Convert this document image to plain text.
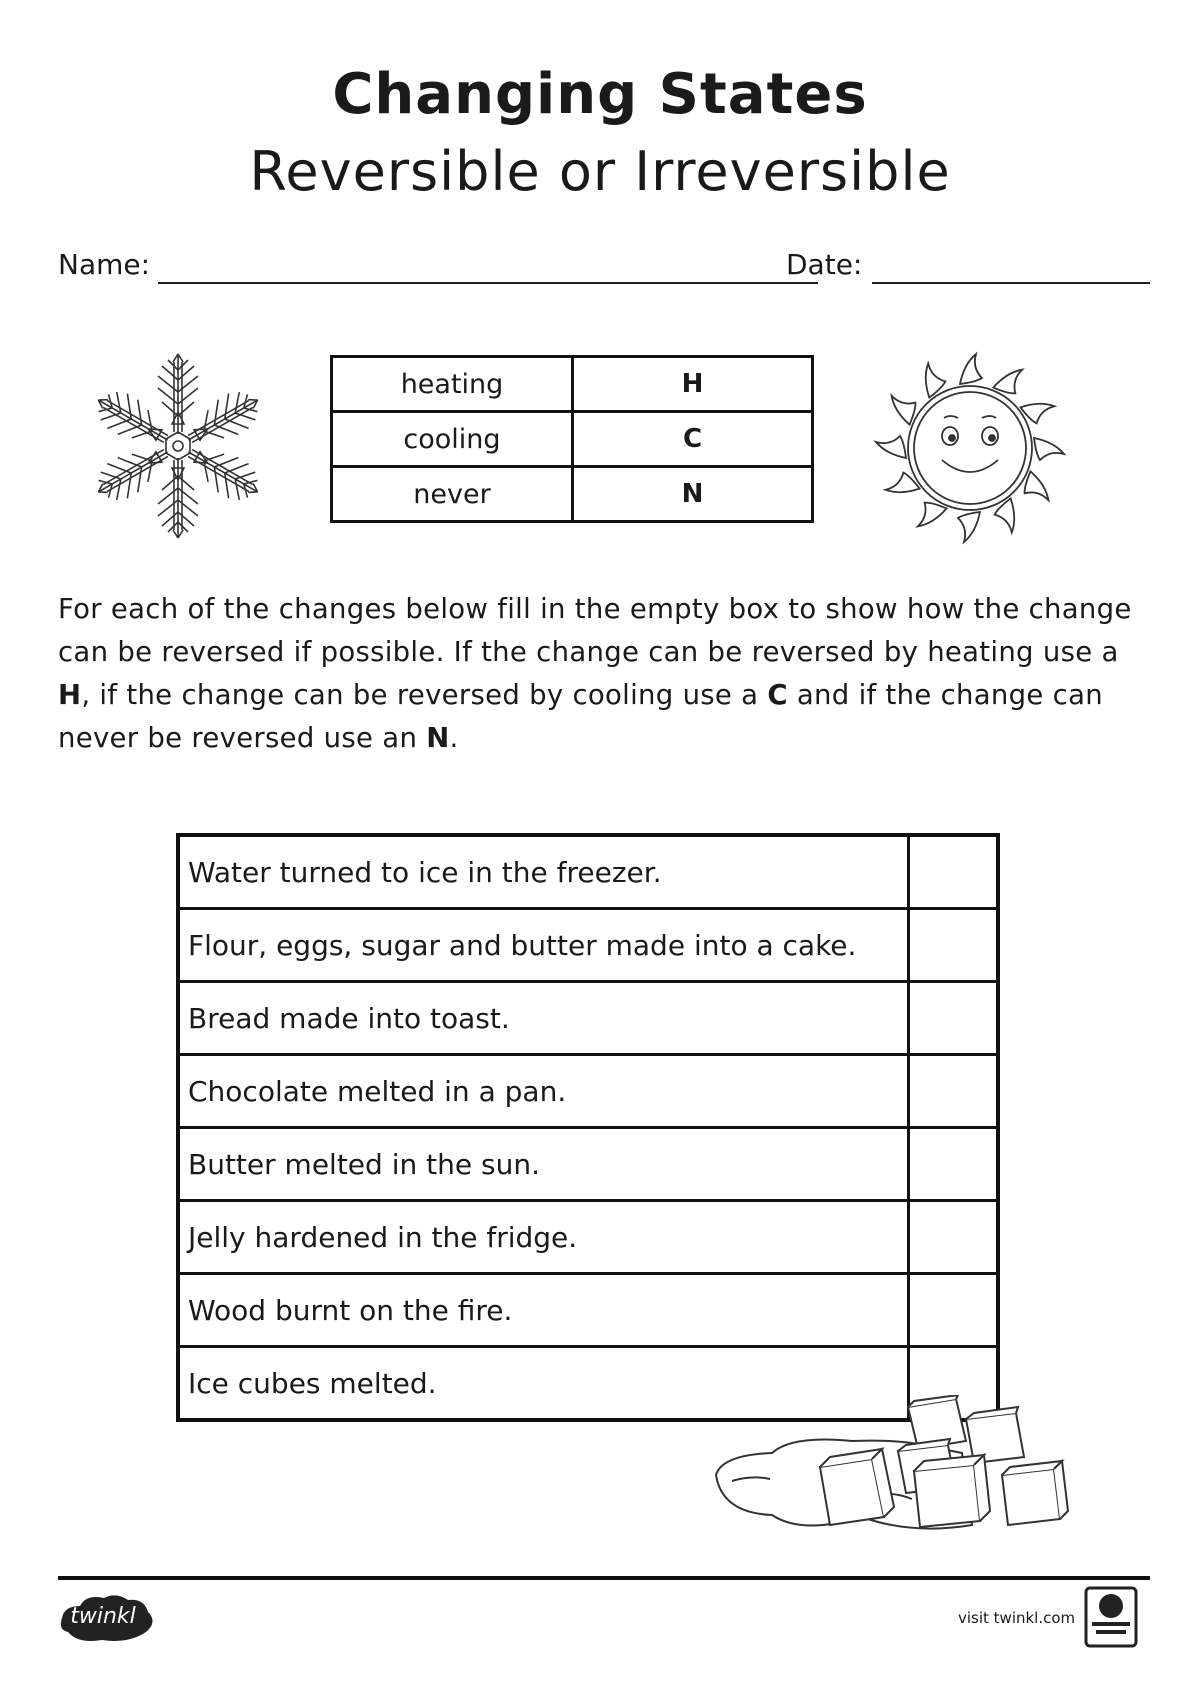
Changing States
Reversible or Irreversible
Name:	Date:
heating	H
cooling	C
never	N

For each of the changes below fill in the empty box to show how the change can be reversed if possible. If the change can be reversed by heating use a H, if the change can be reversed by cooling use a C and if the change can never be reversed use an N.

Water turned to ice in the freezer.	
Flour, eggs, sugar and butter made into a cake.	
Bread made into toast.	
Chocolate melted in a pan.	
Butter melted in the sun.	
Jelly hardened in the fridge.	
Wood burnt on the fire.	
Ice cubes melted.	
twinkl	visit twinkl.com
